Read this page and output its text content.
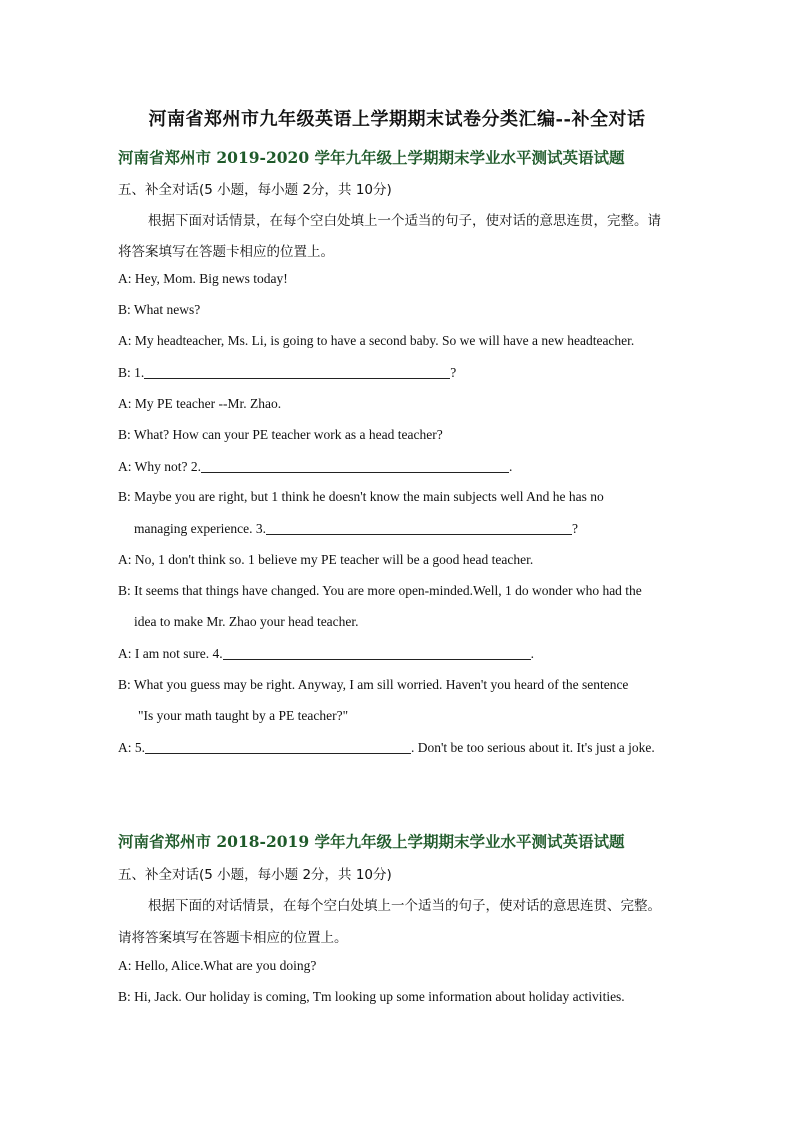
河南省郑州市九年级英语上学期期末试卷分类汇编--补全对话
河南省郑州市 2019-2020 学年九年级上学期期末学业水平测试英语试题
五、补全对话(5 小题，每小题 2分，共 10分)
根据下面对话情景，在每个空白处填上一个适当的句子，使对话的意思连贯，完整。请
将答案填写在答题卡相应的位置上。
A: Hey, Mom. Big news today!
B: What news?
A: My headteacher, Ms. Li, is going to have a second baby. So we will have a new headteacher.
B: 1.	?
A: My PE teacher --Mr. Zhao.
B: What? How can your PE teacher work as a head teacher?
A: Why not? 2.	.
B: Maybe you are right, but 1 think he doesn't know the main subjects well And he has no
managing experience. 3.	?
A: No, 1 don't think so. 1 believe my PE teacher will be a good head teacher.
B: It seems that things have changed. You are more open-minded.Well, 1 do wonder who had the
idea to make Mr. Zhao your head teacher.
A: I am not sure. 4.	.
B: What you guess may be right. Anyway, I am sill worried. Haven't you heard of the sentence
"Is your math taught by a PE teacher?"
A: 5.	. Don't be too serious about it. It's just a joke.
河南省郑州市 2018-2019 学年九年级上学期期末学业水平测试英语试题
五、补全对话(5 小题，每小题 2分，共 10分)
根据下面的对话情景，在每个空白处填上一个适当的句子，使对话的意思连贯、完整。
请将答案填写在答题卡相应的位置上。
A: Hello, Alice.What are you doing?
B: Hi, Jack. Our holiday is coming, Tm looking up some information about holiday activities.
